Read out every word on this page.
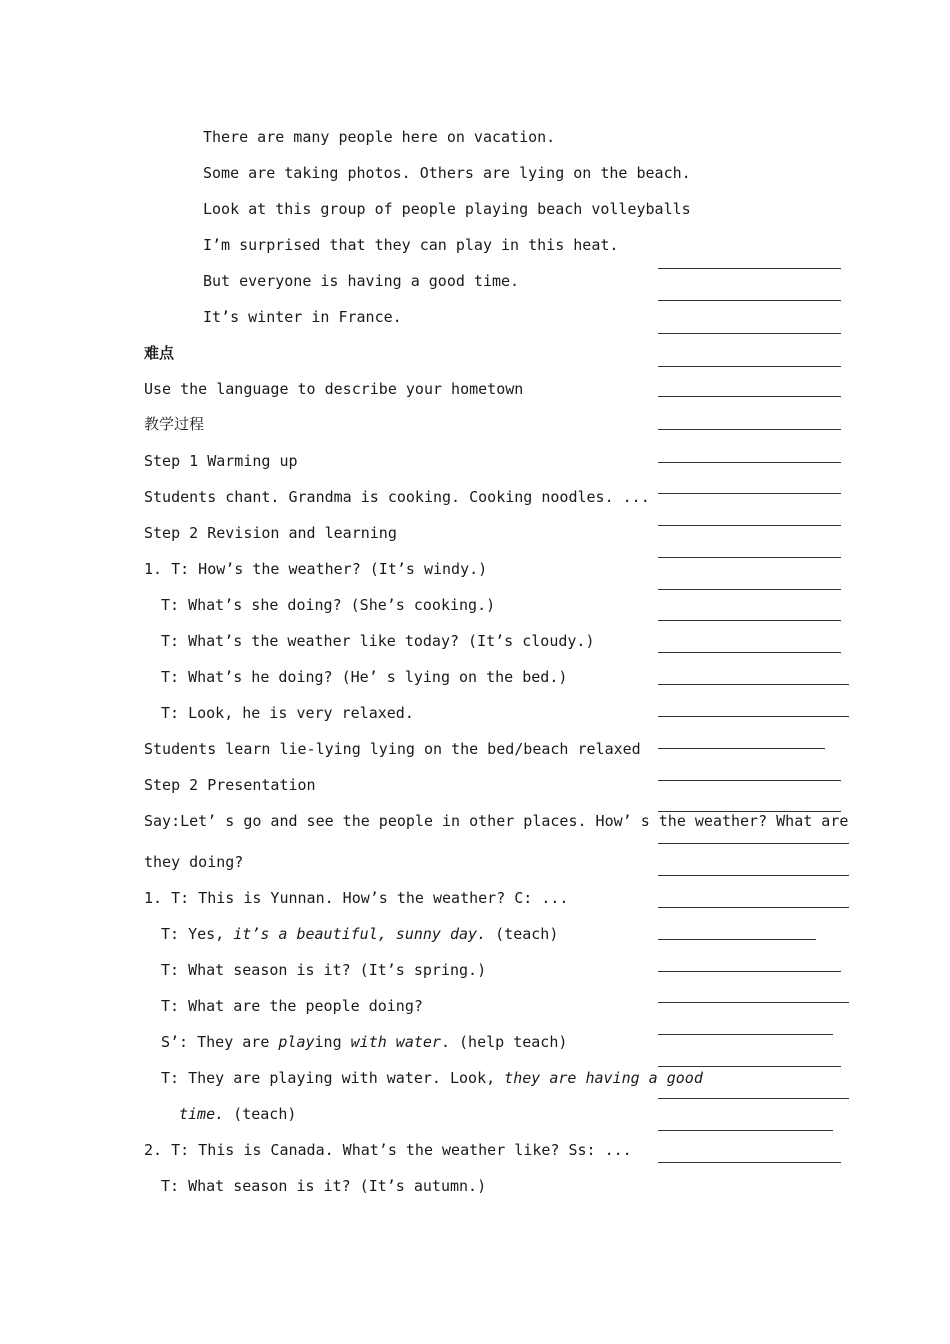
There are many people here on vacation.
Some are taking photos. Others are lying on the beach.
Look at this group of people playing beach volleyballs
I’m surprised that they can play in this heat.
But everyone is having a good time.
It’s winter in France.
难点
Use the language to describe your hometown
教学过程
Step 1 Warming up
Students chant. Grandma is cooking. Cooking noodles. ...
Step 2 Revision and learning
1. T: How’s the weather? (It’s windy.)
T: What’s she doing? (She’s cooking.)
T: What’s the weather like today? (It’s cloudy.)
T: What’s he doing? (He’ s lying on the bed.)
T: Look, he is very relaxed.
Students learn lie-lying lying on the bed/beach relaxed
Step 2 Presentation
Say:Let’ s go and see the people in other places. How’ s the weather? What are
they doing?
1. T: This is Yunnan. How’s the weather? C: ...
T: Yes, it’s a beautiful, sunny day. (teach)
T: What season is it? (It’s spring.)
T: What are the people doing?
S’: They are playing with water. (help teach)
T: They are playing with water. Look, they are having a good
time. (teach)
2. T: This is Canada. What’s the weather like? Ss: ...
T: What season is it? (It’s autumn.)
